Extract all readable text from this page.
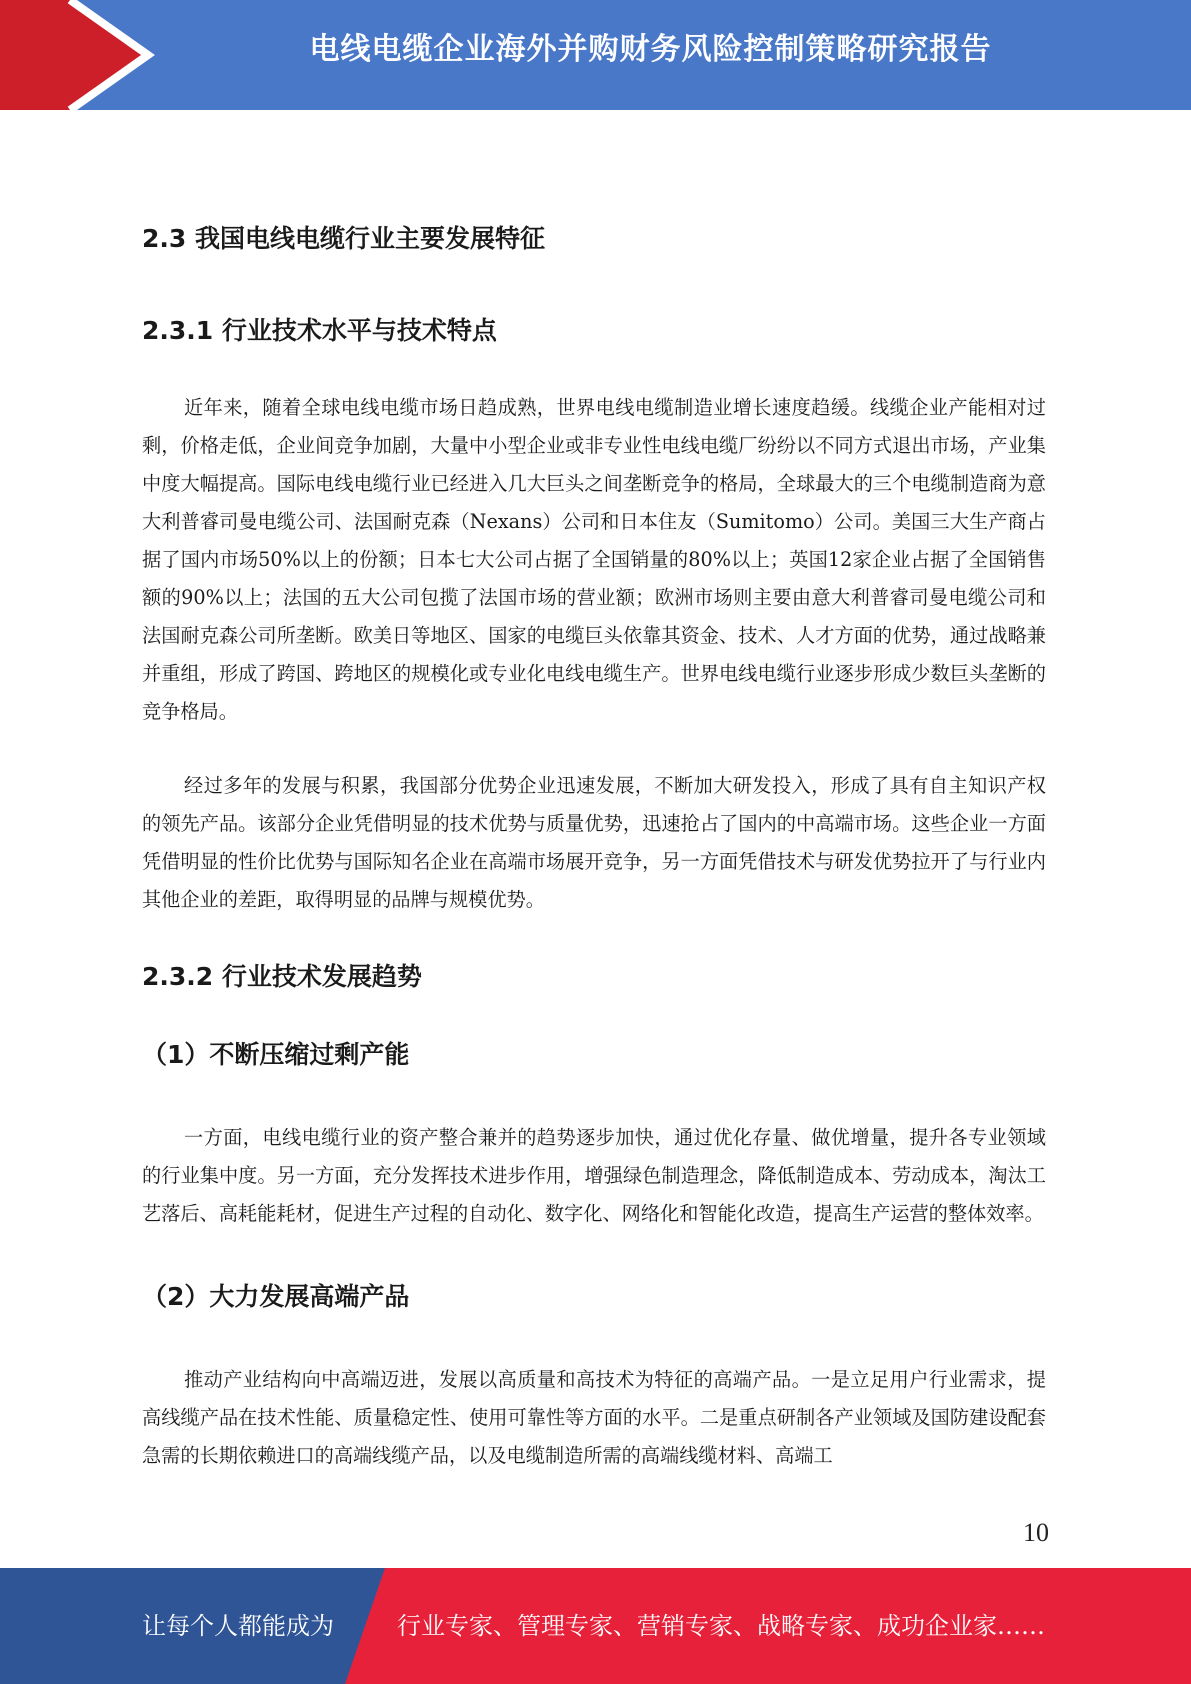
电线电缆企业海外并购财务风险控制策略研究报告
2.3 我国电线电缆行业主要发展特征
2.3.1 行业技术水平与技术特点

近年来，随着全球电线电缆市场日趋成熟，世界电线电缆制造业增长速度趋缓。线缆企业产能相对过剩，价格走低，企业间竞争加剧，大量中小型企业或非专业性电线电缆厂纷纷以不同方式退出市场，产业集中度大幅提高。国际电线电缆行业已经进入几大巨头之间垄断竞争的格局，全球最大的三个电缆制造商为意大利普睿司曼电缆公司、法国耐克森（Nexans）公司和日本住友（Sumitomo）公司。美国三大生产商占据了国内市场50%以上的份额；日本七大公司占据了全国销量的80%以上；英国12家企业占据了全国销售额的90%以上；法国的五大公司包揽了法国市场的营业额；欧洲市场则主要由意大利普睿司曼电缆公司和法国耐克森公司所垄断。欧美日等地区、国家的电缆巨头依靠其资金、技术、人才方面的优势，通过战略兼并重组，形成了跨国、跨地区的规模化或专业化电线电缆生产。世界电线电缆行业逐步形成少数巨头垄断的竞争格局。

经过多年的发展与积累，我国部分优势企业迅速发展，不断加大研发投入，形成了具有自主知识产权的领先产品。该部分企业凭借明显的技术优势与质量优势，迅速抢占了国内的中高端市场。这些企业一方面凭借明显的性价比优势与国际知名企业在高端市场展开竞争，另一方面凭借技术与研发优势拉开了与行业内其他企业的差距，取得明显的品牌与规模优势。

2.3.2 行业技术发展趋势
（1）不断压缩过剩产能

一方面，电线电缆行业的资产整合兼并的趋势逐步加快，通过优化存量、做优增量，提升各专业领域的行业集中度。另一方面，充分发挥技术进步作用，增强绿色制造理念，降低制造成本、劳动成本，淘汰工艺落后、高耗能耗材，促进生产过程的自动化、数字化、网络化和智能化改造，提高生产运营的整体效率。

（2）大力发展高端产品

推动产业结构向中高端迈进，发展以高质量和高技术为特征的高端产品。一是立足用户行业需求，提高线缆产品在技术性能、质量稳定性、使用可靠性等方面的水平。二是重点研制各产业领域及国防建设配套急需的长期依赖进口的高端线缆产品，以及电缆制造所需的高端线缆材料、高端工

10
让每个人都能成为	行业专家、管理专家、营销专家、战略专家、成功企业家……
